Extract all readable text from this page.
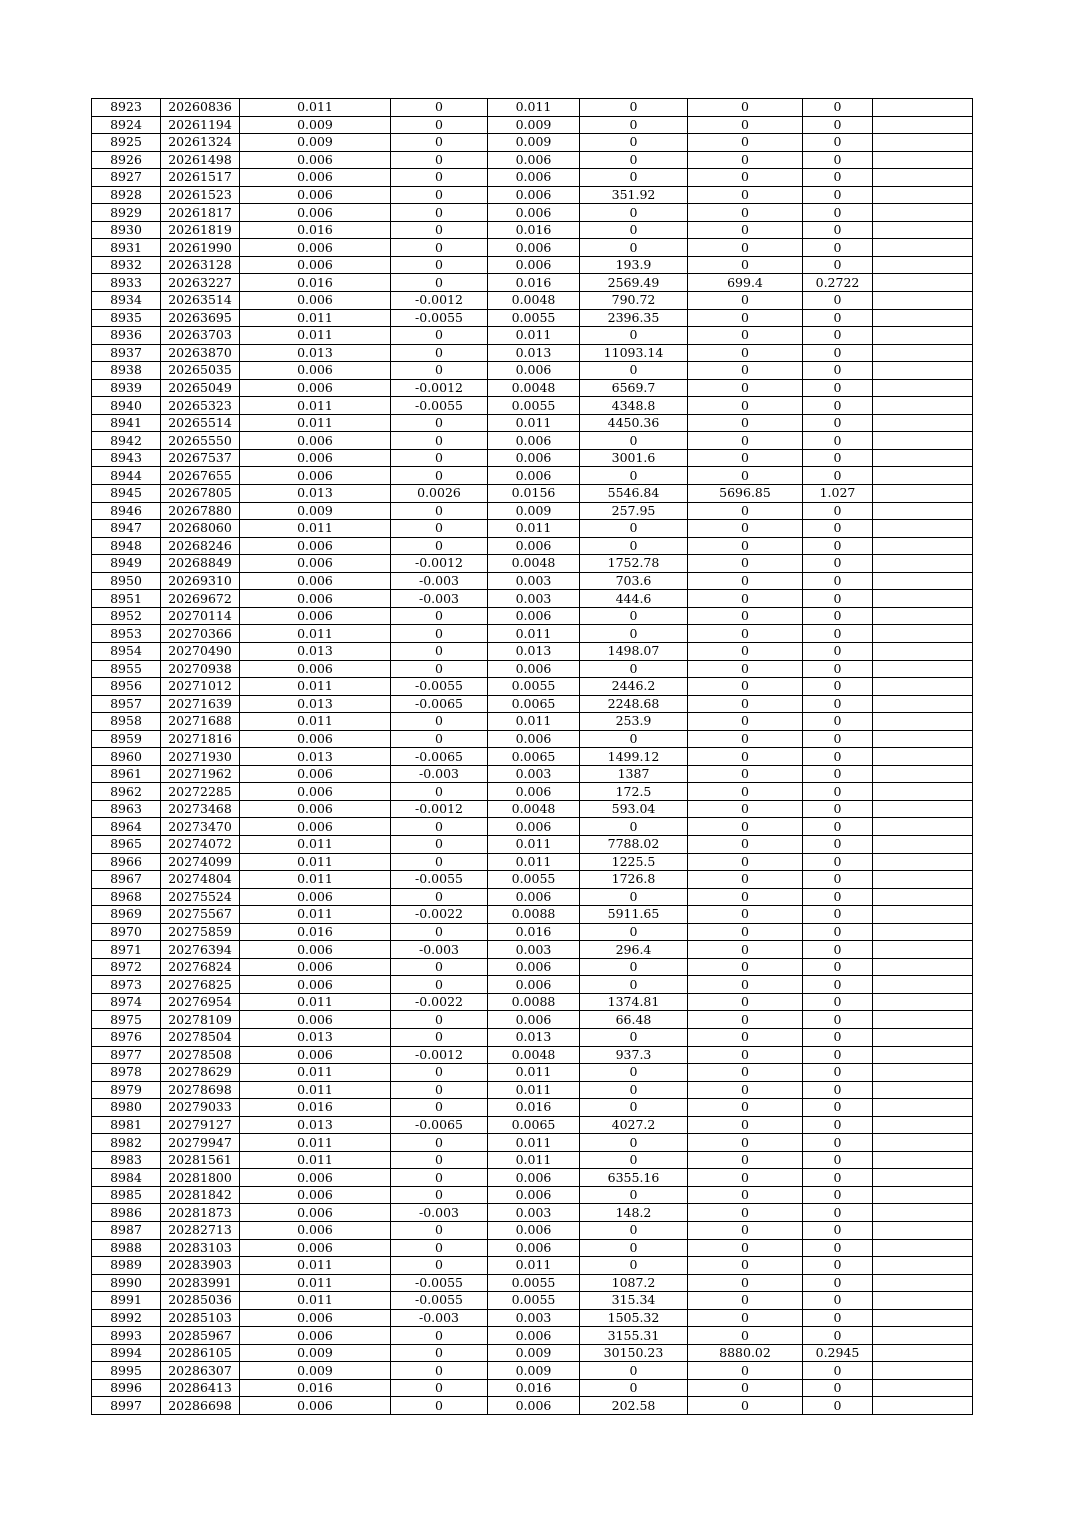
8923	20260836	0.011	0	0.011	0	0	0	
8924	20261194	0.009	0	0.009	0	0	0	
8925	20261324	0.009	0	0.009	0	0	0	
8926	20261498	0.006	0	0.006	0	0	0	
8927	20261517	0.006	0	0.006	0	0	0	
8928	20261523	0.006	0	0.006	351.92	0	0	
8929	20261817	0.006	0	0.006	0	0	0	
8930	20261819	0.016	0	0.016	0	0	0	
8931	20261990	0.006	0	0.006	0	0	0	
8932	20263128	0.006	0	0.006	193.9	0	0	
8933	20263227	0.016	0	0.016	2569.49	699.4	0.2722	
8934	20263514	0.006	-0.0012	0.0048	790.72	0	0	
8935	20263695	0.011	-0.0055	0.0055	2396.35	0	0	
8936	20263703	0.011	0	0.011	0	0	0	
8937	20263870	0.013	0	0.013	11093.14	0	0	
8938	20265035	0.006	0	0.006	0	0	0	
8939	20265049	0.006	-0.0012	0.0048	6569.7	0	0	
8940	20265323	0.011	-0.0055	0.0055	4348.8	0	0	
8941	20265514	0.011	0	0.011	4450.36	0	0	
8942	20265550	0.006	0	0.006	0	0	0	
8943	20267537	0.006	0	0.006	3001.6	0	0	
8944	20267655	0.006	0	0.006	0	0	0	
8945	20267805	0.013	0.0026	0.0156	5546.84	5696.85	1.027	
8946	20267880	0.009	0	0.009	257.95	0	0	
8947	20268060	0.011	0	0.011	0	0	0	
8948	20268246	0.006	0	0.006	0	0	0	
8949	20268849	0.006	-0.0012	0.0048	1752.78	0	0	
8950	20269310	0.006	-0.003	0.003	703.6	0	0	
8951	20269672	0.006	-0.003	0.003	444.6	0	0	
8952	20270114	0.006	0	0.006	0	0	0	
8953	20270366	0.011	0	0.011	0	0	0	
8954	20270490	0.013	0	0.013	1498.07	0	0	
8955	20270938	0.006	0	0.006	0	0	0	
8956	20271012	0.011	-0.0055	0.0055	2446.2	0	0	
8957	20271639	0.013	-0.0065	0.0065	2248.68	0	0	
8958	20271688	0.011	0	0.011	253.9	0	0	
8959	20271816	0.006	0	0.006	0	0	0	
8960	20271930	0.013	-0.0065	0.0065	1499.12	0	0	
8961	20271962	0.006	-0.003	0.003	1387	0	0	
8962	20272285	0.006	0	0.006	172.5	0	0	
8963	20273468	0.006	-0.0012	0.0048	593.04	0	0	
8964	20273470	0.006	0	0.006	0	0	0	
8965	20274072	0.011	0	0.011	7788.02	0	0	
8966	20274099	0.011	0	0.011	1225.5	0	0	
8967	20274804	0.011	-0.0055	0.0055	1726.8	0	0	
8968	20275524	0.006	0	0.006	0	0	0	
8969	20275567	0.011	-0.0022	0.0088	5911.65	0	0	
8970	20275859	0.016	0	0.016	0	0	0	
8971	20276394	0.006	-0.003	0.003	296.4	0	0	
8972	20276824	0.006	0	0.006	0	0	0	
8973	20276825	0.006	0	0.006	0	0	0	
8974	20276954	0.011	-0.0022	0.0088	1374.81	0	0	
8975	20278109	0.006	0	0.006	66.48	0	0	
8976	20278504	0.013	0	0.013	0	0	0	
8977	20278508	0.006	-0.0012	0.0048	937.3	0	0	
8978	20278629	0.011	0	0.011	0	0	0	
8979	20278698	0.011	0	0.011	0	0	0	
8980	20279033	0.016	0	0.016	0	0	0	
8981	20279127	0.013	-0.0065	0.0065	4027.2	0	0	
8982	20279947	0.011	0	0.011	0	0	0	
8983	20281561	0.011	0	0.011	0	0	0	
8984	20281800	0.006	0	0.006	6355.16	0	0	
8985	20281842	0.006	0	0.006	0	0	0	
8986	20281873	0.006	-0.003	0.003	148.2	0	0	
8987	20282713	0.006	0	0.006	0	0	0	
8988	20283103	0.006	0	0.006	0	0	0	
8989	20283903	0.011	0	0.011	0	0	0	
8990	20283991	0.011	-0.0055	0.0055	1087.2	0	0	
8991	20285036	0.011	-0.0055	0.0055	315.34	0	0	
8992	20285103	0.006	-0.003	0.003	1505.32	0	0	
8993	20285967	0.006	0	0.006	3155.31	0	0	
8994	20286105	0.009	0	0.009	30150.23	8880.02	0.2945	
8995	20286307	0.009	0	0.009	0	0	0	
8996	20286413	0.016	0	0.016	0	0	0	
8997	20286698	0.006	0	0.006	202.58	0	0	
